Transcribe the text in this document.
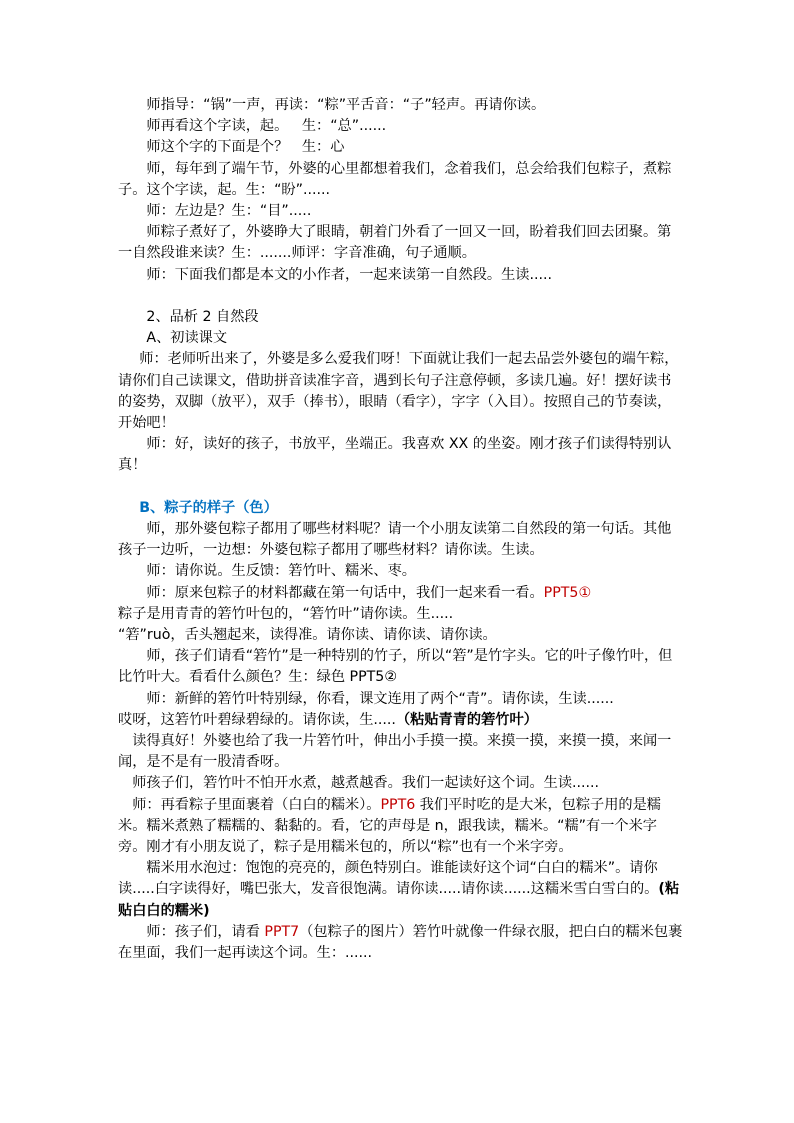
师指导：“锅”一声，再读：“粽”平舌音：“子”轻声。再请你读。

师再看这个字读，起。 生：“总”......

师这个字的下面是个？ 生：心

师，每年到了端午节，外婆的心里都想着我们，念着我们，总会给我们包粽子，煮粽子。这个字读，起。生：“盼”......

师：左边是？生：“目”.....

师粽子煮好了，外婆睁大了眼睛，朝着门外看了一回又一回，盼着我们回去团聚。第一自然段谁来读？生：.......师评：字音准确，句子通顺。

师：下面我们都是本文的小作者，一起来读第一自然段。生读.....

2、品析 2 自然段

A、初读课文

师：老师听出来了，外婆是多么爱我们呀！下面就让我们一起去品尝外婆包的端午粽，请你们自己读课文，借助拼音读准字音，遇到长句子注意停顿，多读几遍。好！摆好读书的姿势，双脚（放平），双手（捧书），眼睛（看字），字字（入目）。按照自己的节奏读，开始吧！

师：好，读好的孩子，书放平，坐端正。我喜欢 XX 的坐姿。刚才孩子们读得特别认真！

B、粽子的样子（色）

师，那外婆包粽子都用了哪些材料呢？请一个小朋友读第二自然段的第一句话。其他孩子一边听，一边想：外婆包粽子都用了哪些材料？请你读。生读。

师：请你说。生反馈：箬竹叶、糯米、枣。

师：原来包粽子的材料都藏在第一句话中，我们一起来看一看。PPT5①

粽子是用青青的箬竹叶包的，“箬竹叶”请你读。生.....

“箬”ruò，舌头翘起来，读得准。请你读、请你读、请你读。

师，孩子们请看“箬竹”是一种特别的竹子，所以“箬”是竹字头。它的叶子像竹叶，但比竹叶大。看看什么颜色？生：绿色 PPT5②

师：新鲜的箬竹叶特别绿，你看，课文连用了两个“青”。请你读，生读......

哎呀，这箬竹叶碧绿碧绿的。请你读，生.....（粘贴青青的箬竹叶）

读得真好！外婆也给了我一片箬竹叶，伸出小手摸一摸。来摸一摸，来摸一摸，来闻一闻，是不是有一股清香呀。

师孩子们，箬竹叶不怕开水煮，越煮越香。我们一起读好这个词。生读......

师：再看粽子里面裹着（白白的糯米）。PPT6 我们平时吃的是大米，包粽子用的是糯米。糯米煮熟了糯糯的、黏黏的。看，它的声母是 n，跟我读，糯米。“糯”有一个米字旁。刚才有小朋友说了，粽子是用糯米包的，所以“粽”也有一个米字旁。

糯米用水泡过：饱饱的亮亮的，颜色特别白。谁能读好这个词“白白的糯米”。请你读.....白字读得好，嘴巴张大，发音很饱满。请你读.....请你读......这糯米雪白雪白的。(粘贴白白的糯米)

师：孩子们，请看 PPT7（包粽子的图片）箬竹叶就像一件绿衣服，把白白的糯米包裹在里面，我们一起再读这个词。生：......
